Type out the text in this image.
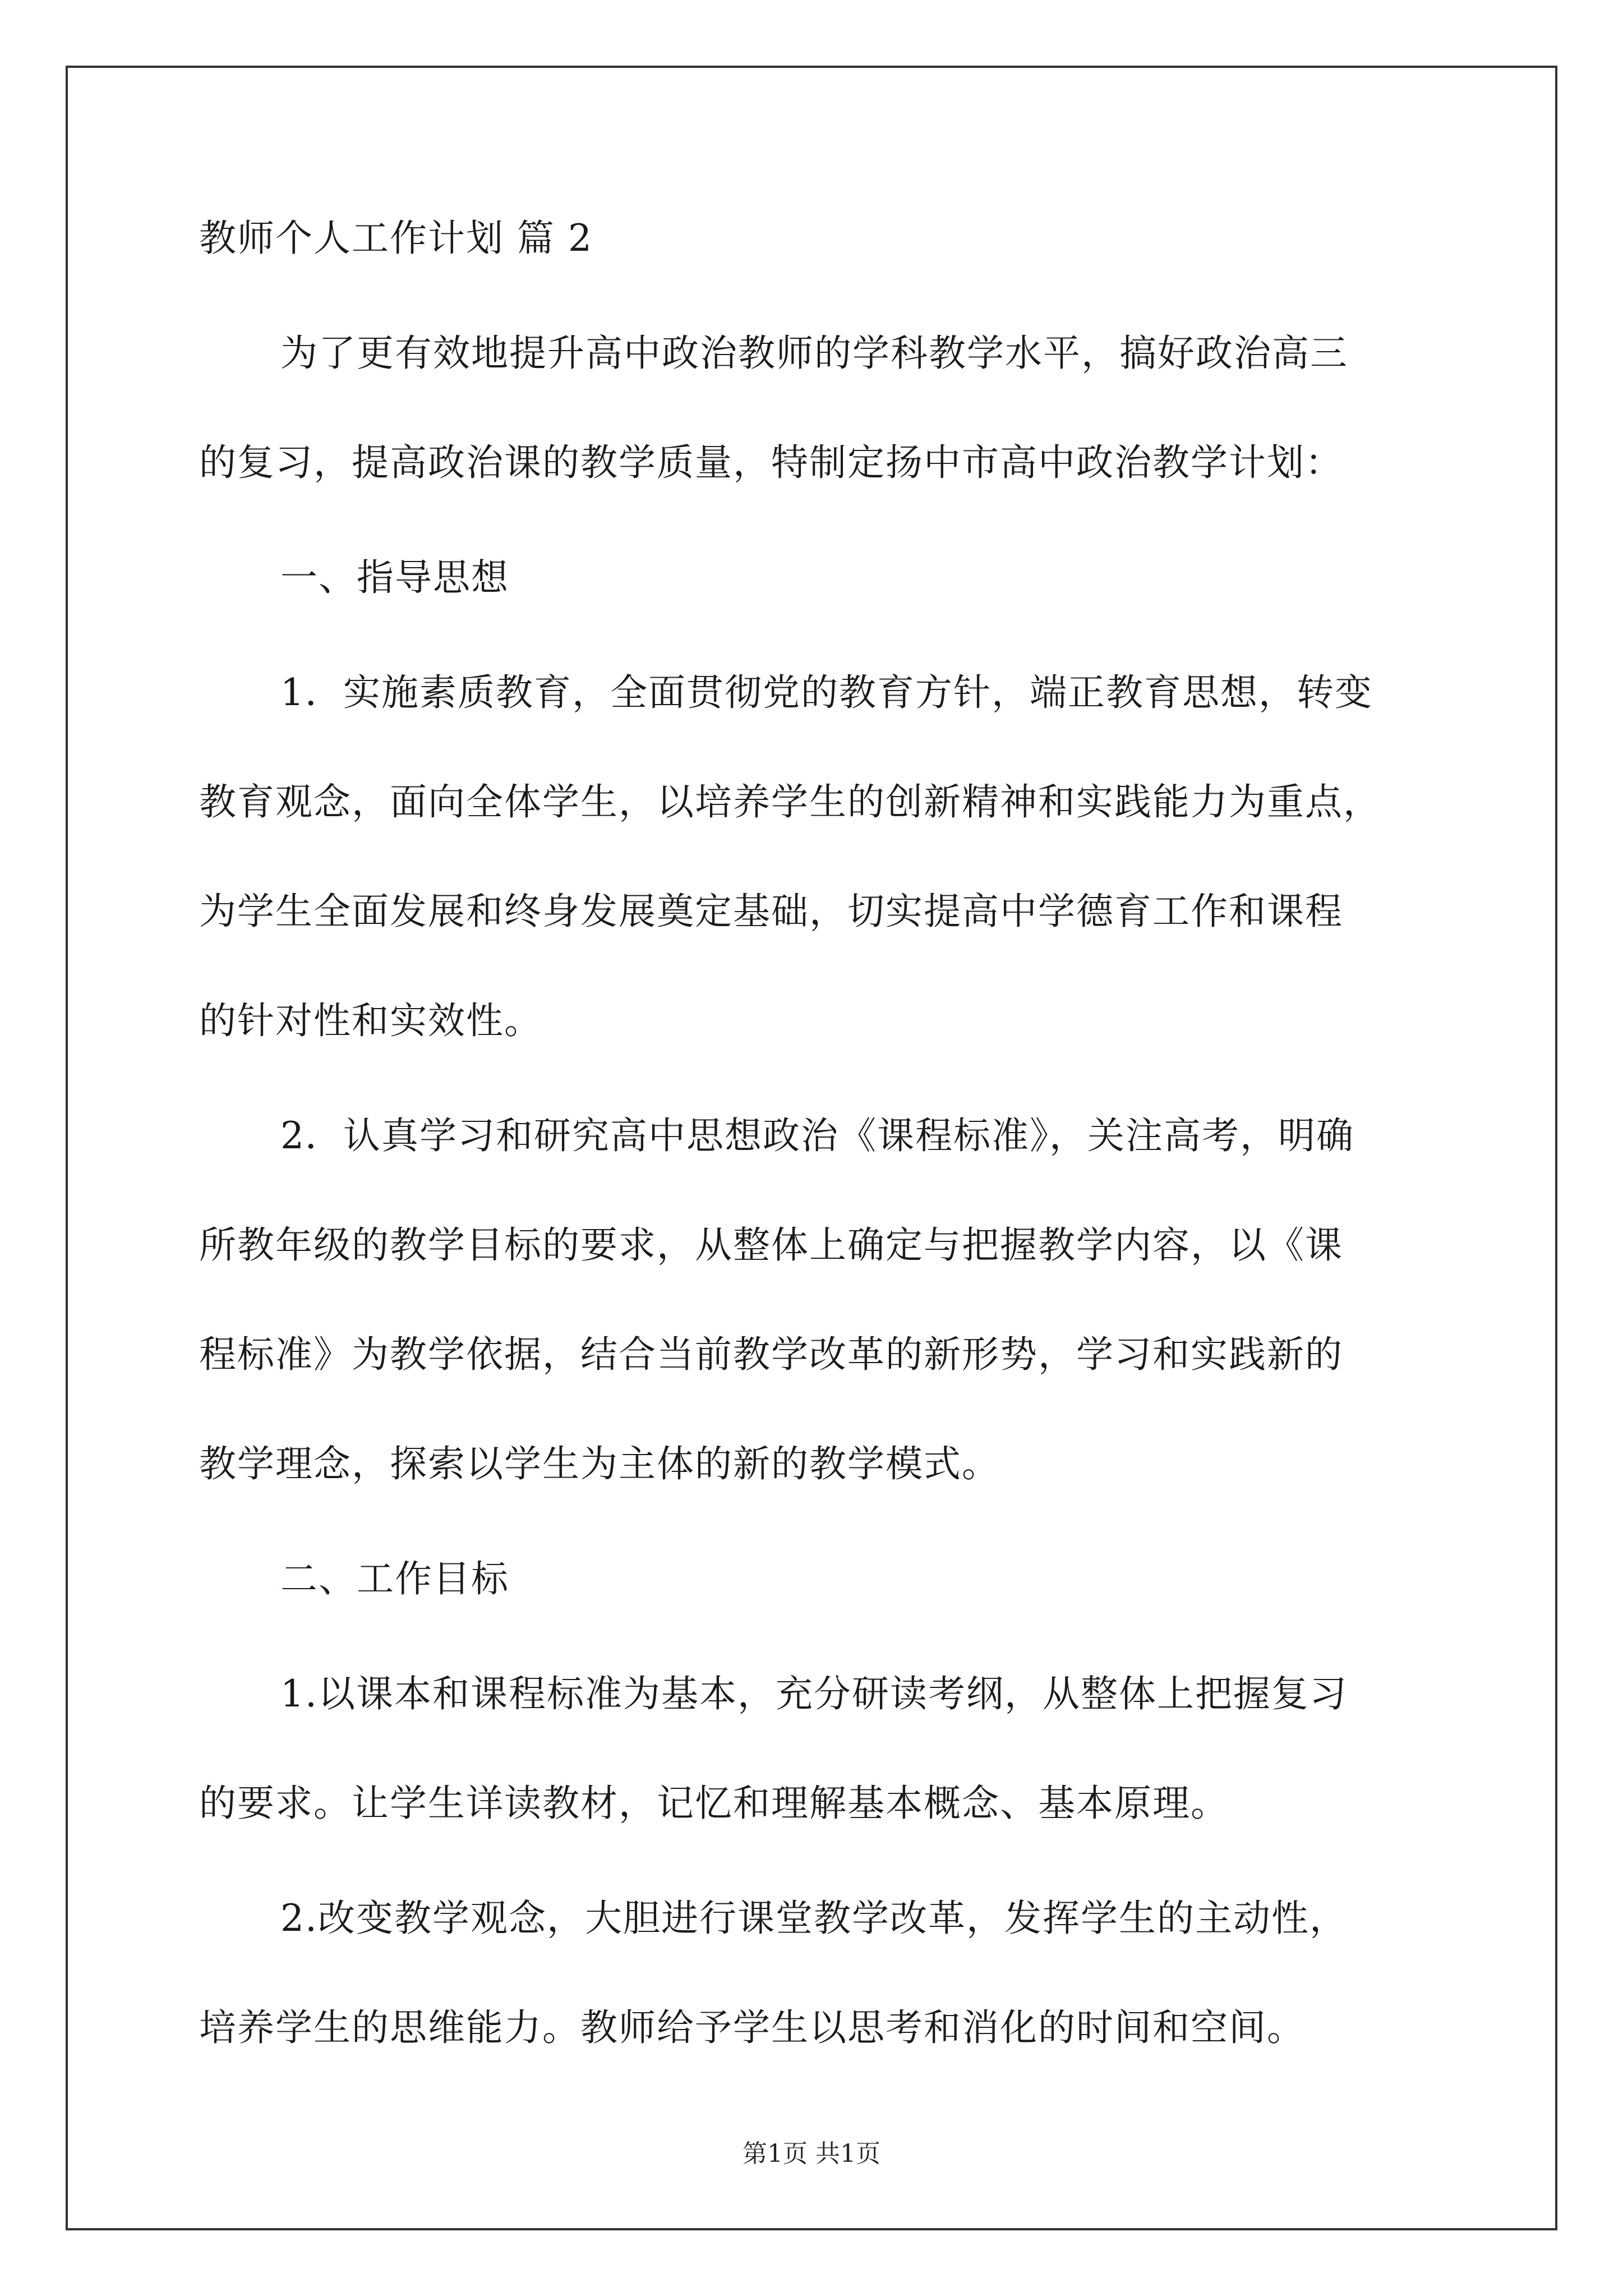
教师个人工作计划 篇 2
为了更有效地提升高中政治教师的学科教学水平，搞好政治高三
的复习，提高政治课的教学质量，特制定扬中市高中政治教学计划：
一、指导思想
1．实施素质教育，全面贯彻党的教育方针，端正教育思想，转变
教育观念，面向全体学生，以培养学生的创新精神和实践能力为重点，
为学生全面发展和终身发展奠定基础，切实提高中学德育工作和课程
的针对性和实效性。
2．认真学习和研究高中思想政治《课程标准》，关注高考，明确
所教年级的教学目标的要求，从整体上确定与把握教学内容，以《课
程标准》为教学依据，结合当前教学改革的新形势，学习和实践新的
教学理念，探索以学生为主体的新的教学模式。
二、工作目标
1.以课本和课程标准为基本，充分研读考纲，从整体上把握复习
的要求。让学生详读教材，记忆和理解基本概念、基本原理。
2.改变教学观念，大胆进行课堂教学改革，发挥学生的主动性，
培养学生的思维能力。教师给予学生以思考和消化的时间和空间。
第1页 共1页
